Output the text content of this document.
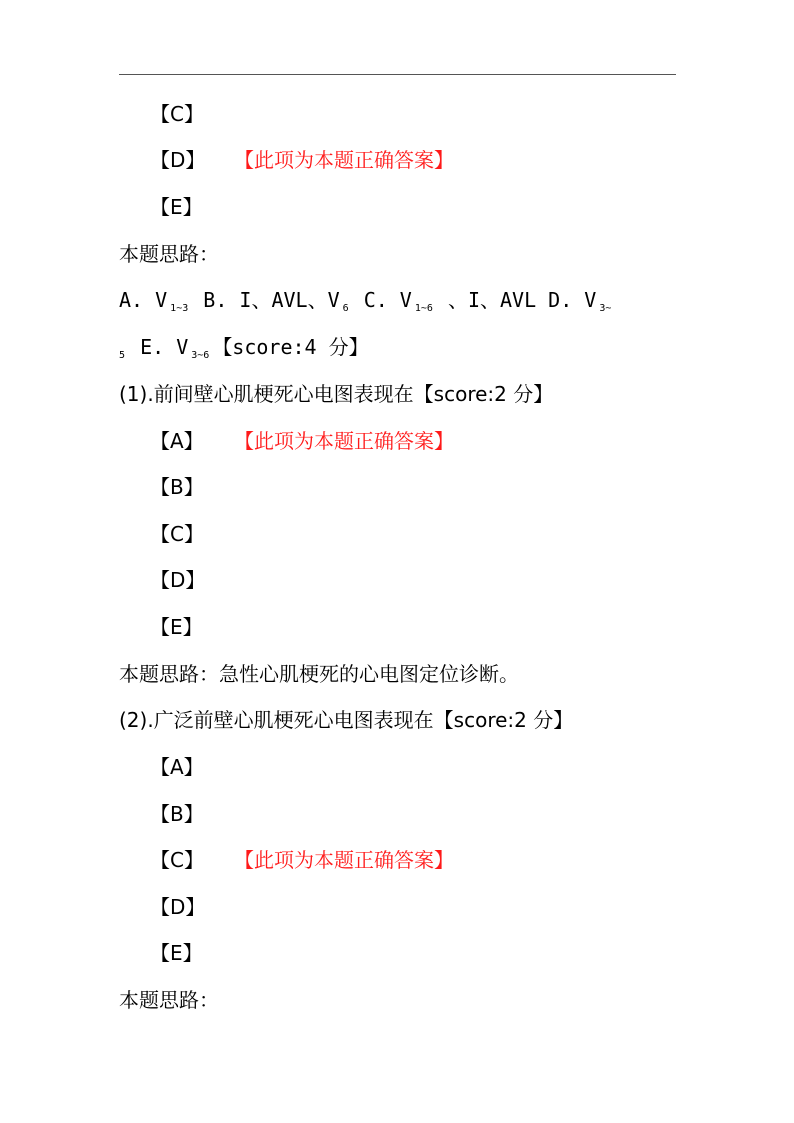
【C】
【D】 【此项为本题正确答案】
【E】
本题思路：
A. V $_{1\sim 3}$ B. I、AVL、V $_6$ C. V $_{1\sim 6}$ 、I、AVL D. V $_{3\sim}$
$_5$ E. V $_{3\sim 6}$ 【score:4 分】
(1).前间壁心肌梗死心电图表现在【score:2 分】
【A】 【此项为本题正确答案】
【B】
【C】
【D】
【E】
本题思路：急性心肌梗死的心电图定位诊断。
(2).广泛前壁心肌梗死心电图表现在【score:2 分】
【A】
【B】
【C】 【此项为本题正确答案】
【D】
【E】
本题思路：
